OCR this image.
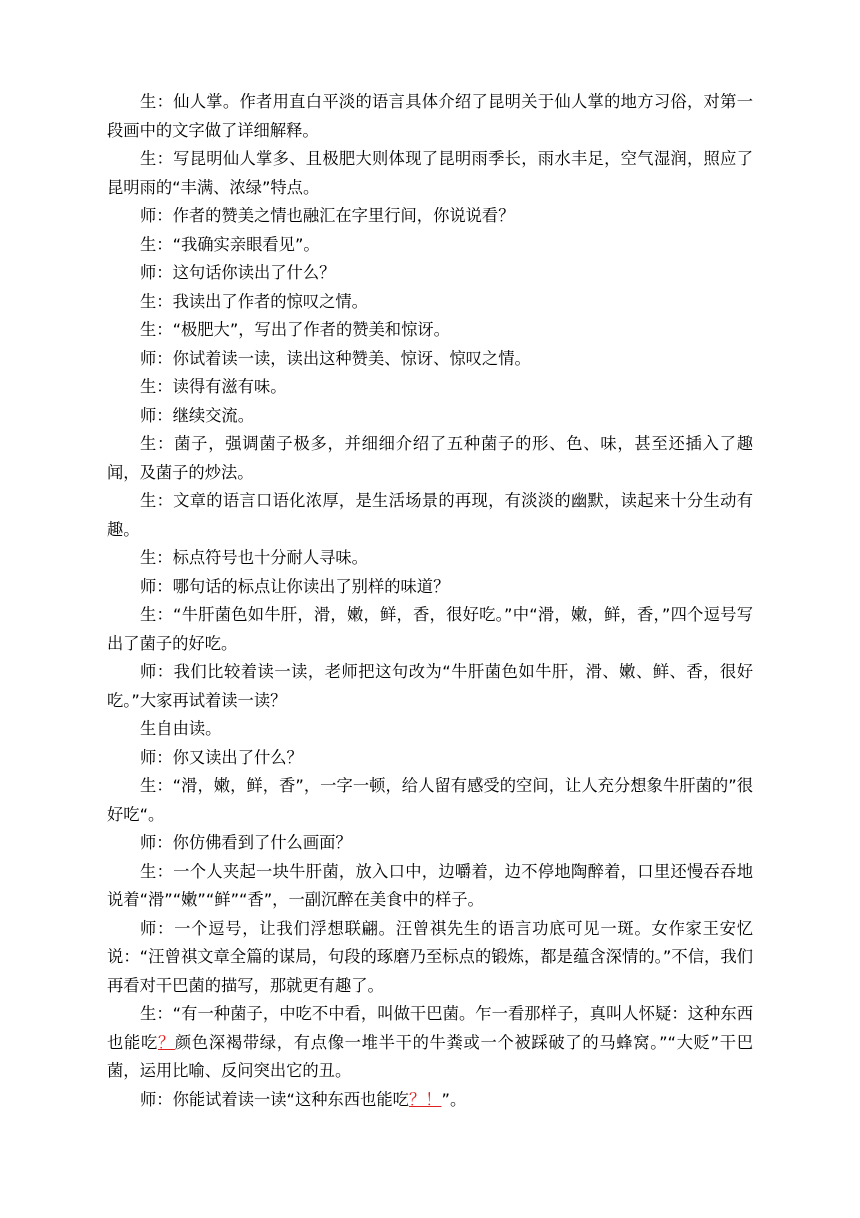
生：仙人掌。作者用直白平淡的语言具体介绍了昆明关于仙人掌的地方习俗，对第一段画中的文字做了详细解释。

生：写昆明仙人掌多、且极肥大则体现了昆明雨季长，雨水丰足，空气湿润，照应了昆明雨的“丰满、浓绿”特点。

师：作者的赞美之情也融汇在字里行间，你说说看？

生：“我确实亲眼看见”。

师：这句话你读出了什么？

生：我读出了作者的惊叹之情。

生：“极肥大”，写出了作者的赞美和惊讶。

师：你试着读一读，读出这种赞美、惊讶、惊叹之情。

生：读得有滋有味。

师：继续交流。

生：菌子，强调菌子极多，并细细介绍了五种菌子的形、色、味，甚至还插入了趣闻，及菌子的炒法。

生：文章的语言口语化浓厚，是生活场景的再现，有淡淡的幽默，读起来十分生动有趣。

生：标点符号也十分耐人寻味。

师：哪句话的标点让你读出了别样的味道？

生：“牛肝菌色如牛肝，滑，嫩，鲜，香，很好吃。”中“滑，嫩，鲜，香，”四个逗号写出了菌子的好吃。

师：我们比较着读一读，老师把这句改为“牛肝菌色如牛肝，滑、嫩、鲜、香，很好吃。”大家再试着读一读？

生自由读。

师：你又读出了什么？

生：“滑，嫩，鲜，香”，一字一顿，给人留有感受的空间，让人充分想象牛肝菌的”很好吃“。

师：你仿佛看到了什么画面？

生：一个人夹起一块牛肝菌，放入口中，边嚼着，边不停地陶醉着，口里还慢吞吞地说着“滑”“嫩”“鲜”“香”，一副沉醉在美食中的样子。

师：一个逗号，让我们浮想联翩。汪曾祺先生的语言功底可见一斑。女作家王安忆说：“汪曾祺文章全篇的谋局，句段的琢磨乃至标点的锻炼，都是蕴含深情的。”不信，我们再看对干巴菌的描写，那就更有趣了。

生：“有一种菌子，中吃不中看，叫做干巴菌。乍一看那样子，真叫人怀疑：这种东西也能吃？颜色深褐带绿，有点像一堆半干的牛粪或一个被踩破了的马蜂窝。”“大贬”干巴菌，运用比喻、反问突出它的丑。

师：你能试着读一读“这种东西也能吃？！”。
